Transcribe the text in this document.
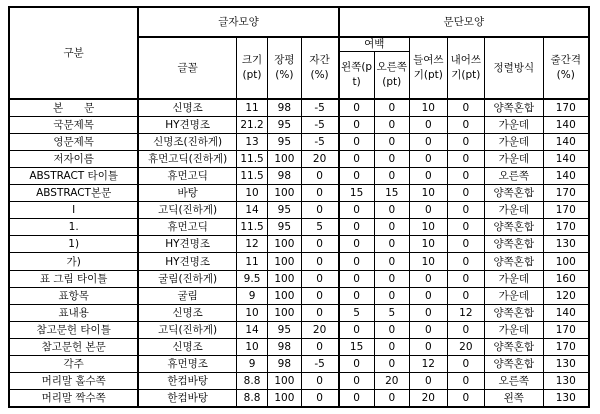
구분	글자모양				문단모양					
	글꼴	크기(pt)	장평(%)	자간(%)	여백		들여쓰기(pt)	내어쓰기(pt)	정렬방식	줄간격(%)
					왼쪽(pt)	오른쪽(pt)				
본　　문	신명조	11	98	-5	0	0	10	0	양쪽혼합	170
국문제목	HY견명조	21.2	95	-5	0	0	0	0	가운데	140
영문제목	신명조(진하게)	13	95	-5	0	0	0	0	가운데	140
저자이름	휴먼고딕(진하게)	11.5	100	20	0	0	0	0	가운데	140
ABSTRACT 타이틀	휴먼고딕	11.5	98	0	0	0	0	0	오른쪽	140
ABSTRACT본문	바탕	10	100	0	15	15	10	0	양쪽혼합	170
Ⅰ	고딕(진하게)	14	95	0	0	0	0	0	가운데	170
1.	휴먼고딕	11.5	95	5	0	0	10	0	양쪽혼합	170
1)	HY견명조	12	100	0	0	0	10	0	양쪽혼합	130
가)	HY견명조	11	100	0	0	0	10	0	양쪽혼합	100
표 그림 타이틀	굴림(진하게)	9.5	100	0	0	0	0	0	가운데	160
표항목	굴림	9	100	0	0	0	0	0	가운데	120
표내용	신명조	10	100	0	5	5	0	12	양쪽혼합	140
참고문헌 타이틀	고딕(진하게)	14	95	20	0	0	0	0	가운데	170
참고문헌 본문	신명조	10	98	0	15	0	0	20	양쪽혼합	170
각주	휴먼명조	9	98	-5	0	0	12	0	양쪽혼합	130
머리말 홀수쪽	한컴바탕	8.8	100	0	0	20	0	0	오른쪽	130
머리말 짝수쪽	한컴바탕	8.8	100	0	0	0	20	0	왼쪽	130
